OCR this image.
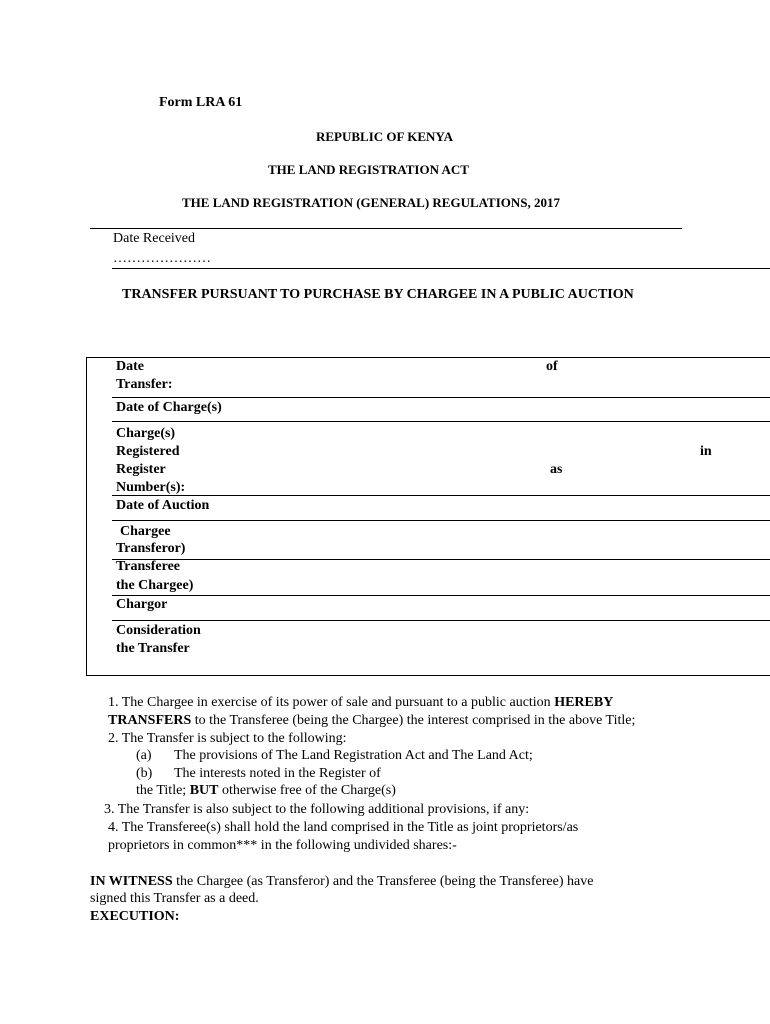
Form LRA 61
REPUBLIC OF KENYA
THE LAND REGISTRATION ACT
THE LAND REGISTRATION (GENERAL) REGULATIONS, 2017
Date Received
…………………
TRANSFER PURSUANT TO PURCHASE BY CHARGEE IN A PUBLIC AUCTION
Date
Transfer:
of
Date of Charge(s)
Charge(s)
Registered
Register
Number(s):
in
as
Date of Auction
Chargee
Transferor)
Transferee
the Chargee)
Chargor
Consideration
the Transfer
1. The Chargee in exercise of its power of sale and pursuant to a public auction HEREBY
TRANSFERS to the Transferee (being the Chargee) the interest comprised in the above Title;
2. The Transfer is subject to the following:
(a) The provisions of The Land Registration Act and The Land Act;
(b) The interests noted in the Register of
the Title; BUT otherwise free of the Charge(s)
3. The Transfer is also subject to the following additional provisions, if any:
4. The Transferee(s) shall hold the land comprised in the Title as joint proprietors/as
proprietors in common*** in the following undivided shares:-
IN WITNESS the Chargee (as Transferor) and the Transferee (being the Transferee) have
signed this Transfer as a deed.
EXECUTION:
